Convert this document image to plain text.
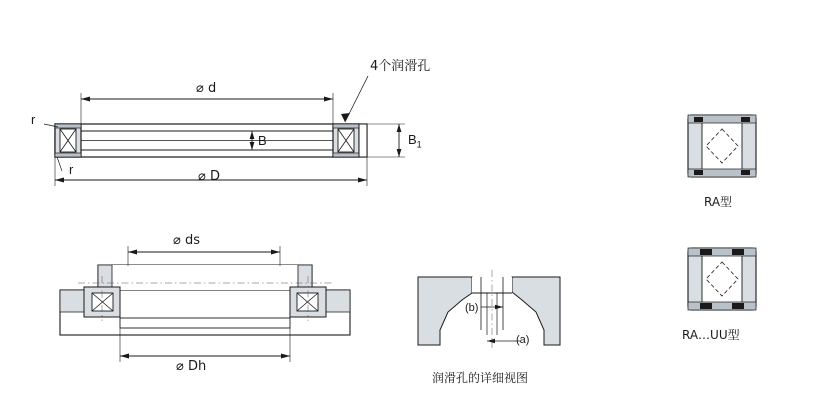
⌀ d
⌀ D
B	$B_1$
r
r
4个润滑孔
⌀ ds
⌀ Dh
(b)
(a)
润滑孔的详细视图
RA型
RA…UU型
